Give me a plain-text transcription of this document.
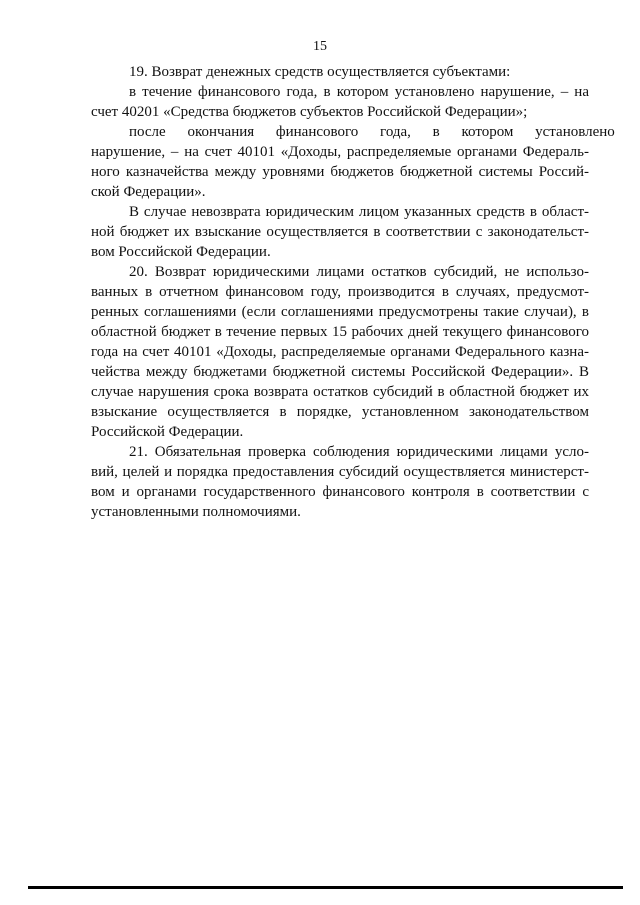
15
19. Возврат денежных средств осуществляется субъектами:
в течение финансового года, в котором установлено нарушение, – на
счет 40201 «Средства бюджетов субъектов Российской Федерации»;
после окончания финансового года, в котором установлено
нарушение, – на счет 40101 «Доходы, распределяемые органами Федераль-
ного казначейства между уровнями бюджетов бюджетной системы Россий-
ской Федерации».
В случае невозврата юридическим лицом указанных средств в област-
ной бюджет их взыскание осуществляется в соответствии с законодательст-
вом Российской Федерации.
20. Возврат юридическими лицами остатков субсидий, не использо-
ванных в отчетном финансовом году, производится в случаях, предусмот-
ренных соглашениями (если соглашениями предусмотрены такие случаи), в
областной бюджет в течение первых 15 рабочих дней текущего финансового
года на счет 40101 «Доходы, распределяемые органами Федерального казна-
чейства между бюджетами бюджетной системы Российской Федерации». В
случае нарушения срока возврата остатков субсидий в областной бюджет их
взыскание осуществляется в порядке, установленном законодательством
Российской Федерации.
21. Обязательная проверка соблюдения юридическими лицами усло-
вий, целей и порядка предоставления субсидий осуществляется министерст-
вом и органами государственного финансового контроля в соответствии с
установленными полномочиями.
